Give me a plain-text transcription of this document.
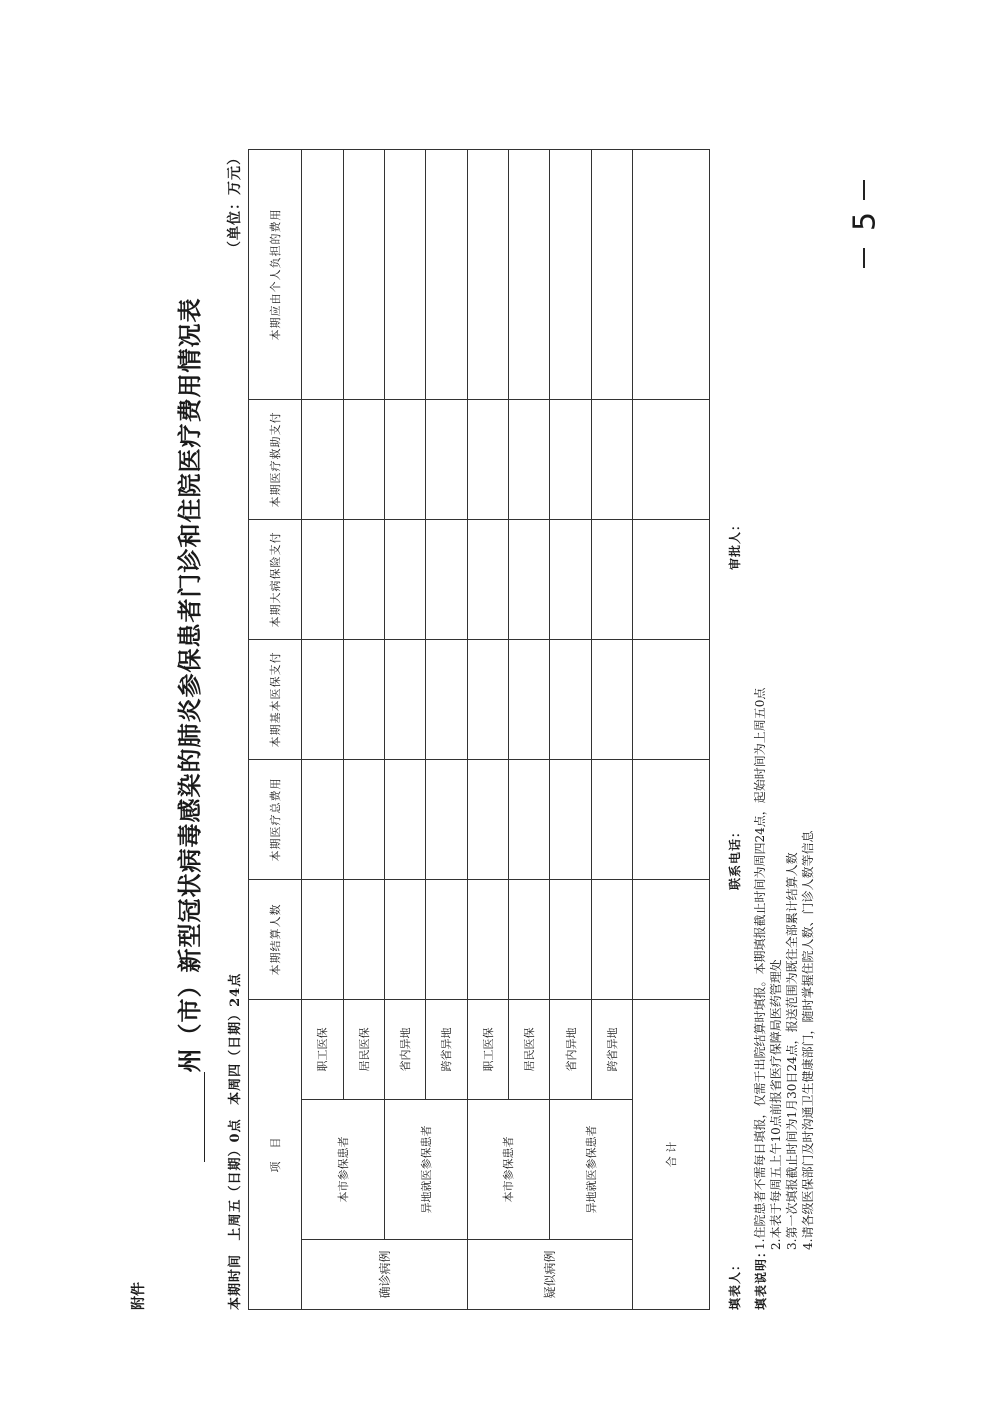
附件
州（市）新型冠状病毒感染的肺炎参保患者门诊和住院医疗费用情况表
本期时间 上周五（日期）0点 本周四（日期）24点
（单位：万元）
项　目			本期结算人数	本期医疗总费用	本期基本医保支付	本期大病保险支付	本期医疗救助支付	本期应由个人负担的费用
确诊病例	本市参保患者	职工医保						
		居民医保						
	异地就医参保患者	省内异地						
		跨省异地						
疑似病例	本市参保患者	职工医保						
		居民医保						
	异地就医参保患者	省内异地						
		跨省异地						
合 计								
填表人：
联系电话：
审批人：
填表说明：
1.住院患者不需每日填报，仅需于出院结算时填报。本期填报截止时间为周四24点，起始时间为上周五0点 2.本表于每周五上午10点前报省医疗保障局医药管理处 3.第一次填报截止时间为1月30日24点，报送范围为既往全部累计结算人数 4.请各级医保部门及时沟通卫生健康部门，随时掌握住院人数、门诊人数等信息
5
